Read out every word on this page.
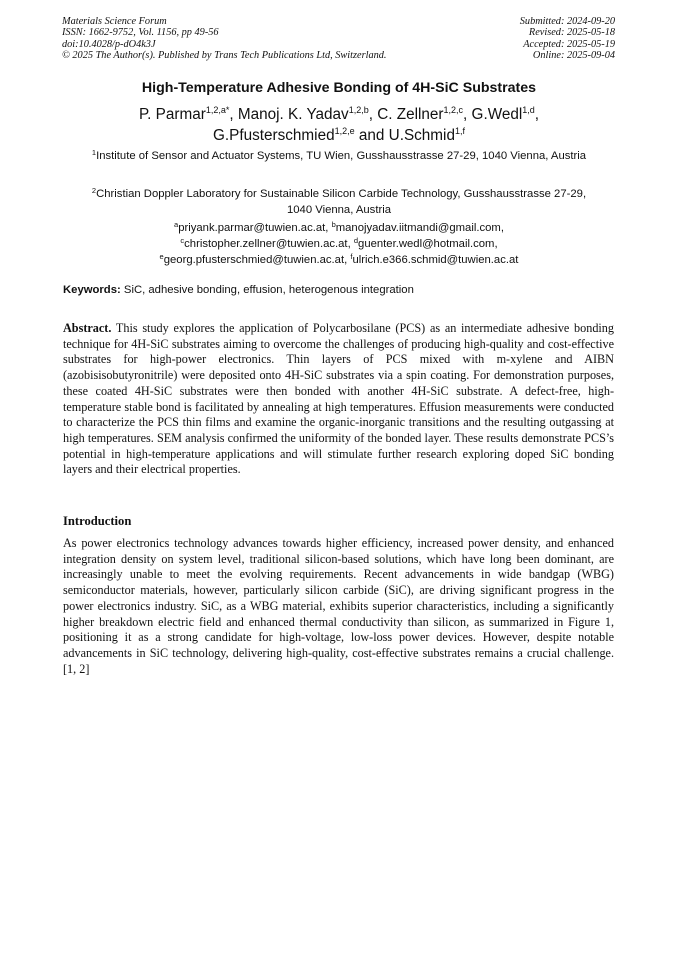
Materials Science Forum
ISSN: 1662-9752, Vol. 1156, pp 49-56
doi:10.4028/p-dO4k3J
© 2025 The Author(s). Published by Trans Tech Publications Ltd, Switzerland.
Submitted: 2024-09-20
Revised: 2025-05-18
Accepted: 2025-05-19
Online: 2025-09-04
High-Temperature Adhesive Bonding of 4H-SiC Substrates
P. Parmar$^{1,2,a*}$, Manoj. K. Yadav$^{1,2,b}$, C. Zellner$^{1,2,c}$, G.Wedl$^{1,d}$,
G.Pfusterschmied$^{1,2,e}$ and U.Schmid$^{1,f}$
$^1$Institute of Sensor and Actuator Systems, TU Wien, Gusshausstrasse 27-29, 1040 Vienna, Austria
$^2$Christian Doppler Laboratory for Sustainable Silicon Carbide Technology, Gusshausstrasse 27-29, 1040 Vienna, Austria
$^a$priyank.parmar@tuwien.ac.at, $^b$manojyadav.iitmandi@gmail.com,
$^c$christopher.zellner@tuwien.ac.at, $^d$guenter.wedl@hotmail.com,
$^e$georg.pfusterschmied@tuwien.ac.at, $^f$ulrich.e366.schmid@tuwien.ac.at
Keywords: SiC, adhesive bonding, effusion, heterogenous integration
Abstract. This study explores the application of Polycarbosilane (PCS) as an intermediate adhesive bonding technique for 4H-SiC substrates aiming to overcome the challenges of producing high-quality and cost-effective substrates for high-power electronics. Thin layers of PCS mixed with m-xylene and AIBN (azobisisobutyronitrile) were deposited onto 4H-SiC substrates via a spin coating. For demonstration purposes, these coated 4H-SiC substrates were then bonded with another 4H-SiC substrate. A defect-free, high-temperature stable bond is facilitated by annealing at high temperatures. Effusion measurements were conducted to characterize the PCS thin films and examine the organic-inorganic transitions and the resulting outgassing at high temperatures. SEM analysis confirmed the uniformity of the bonded layer. These results demonstrate PCS’s potential in high-temperature applications and will stimulate further research exploring doped SiC bonding layers and their electrical properties.
Introduction
As power electronics technology advances towards higher efficiency, increased power density, and enhanced integration density on system level, traditional silicon-based solutions, which have long been dominant, are increasingly unable to meet the evolving requirements. Recent advancements in wide bandgap (WBG) semiconductor materials, however, particularly silicon carbide (SiC), are driving significant progress in the power electronics industry. SiC, as a WBG material, exhibits superior characteristics, including a significantly higher breakdown electric field and enhanced thermal conductivity than silicon, as summarized in Figure 1, positioning it as a strong candidate for high-voltage, low-loss power devices. However, despite notable advancements in SiC technology, delivering high-quality, cost-effective substrates remains a crucial challenge. [1, 2]
